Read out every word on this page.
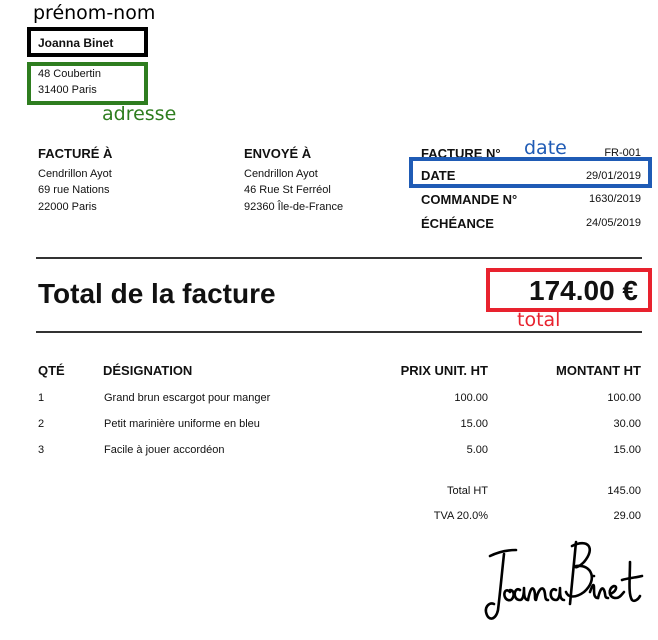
prénom-nom
Joanna Binet
48 Coubertin
31400 Paris
adresse
FACTURÉ À
Cendrillon Ayot
69 rue Nations
22000 Paris
ENVOYÉ À
Cendrillon Ayot
46 Rue St Ferréol
92360 Île-de-France
FACTURE N° date	FR-001
DATE	29/01/2019
COMMANDE N°	1630/2019
ÉCHÉANCE	24/05/2019
Total de la facture	174.00 €
total
QTÉ	DÉSIGNATION	PRIX UNIT. HT	MONTANT HT
1	Grand brun escargot pour manger	100.00	100.00
2	Petit marinière uniforme en bleu	15.00	30.00
3	Facile à jouer accordéon	5.00	15.00
Total HT	145.00
TVA 20.0%	29.00
